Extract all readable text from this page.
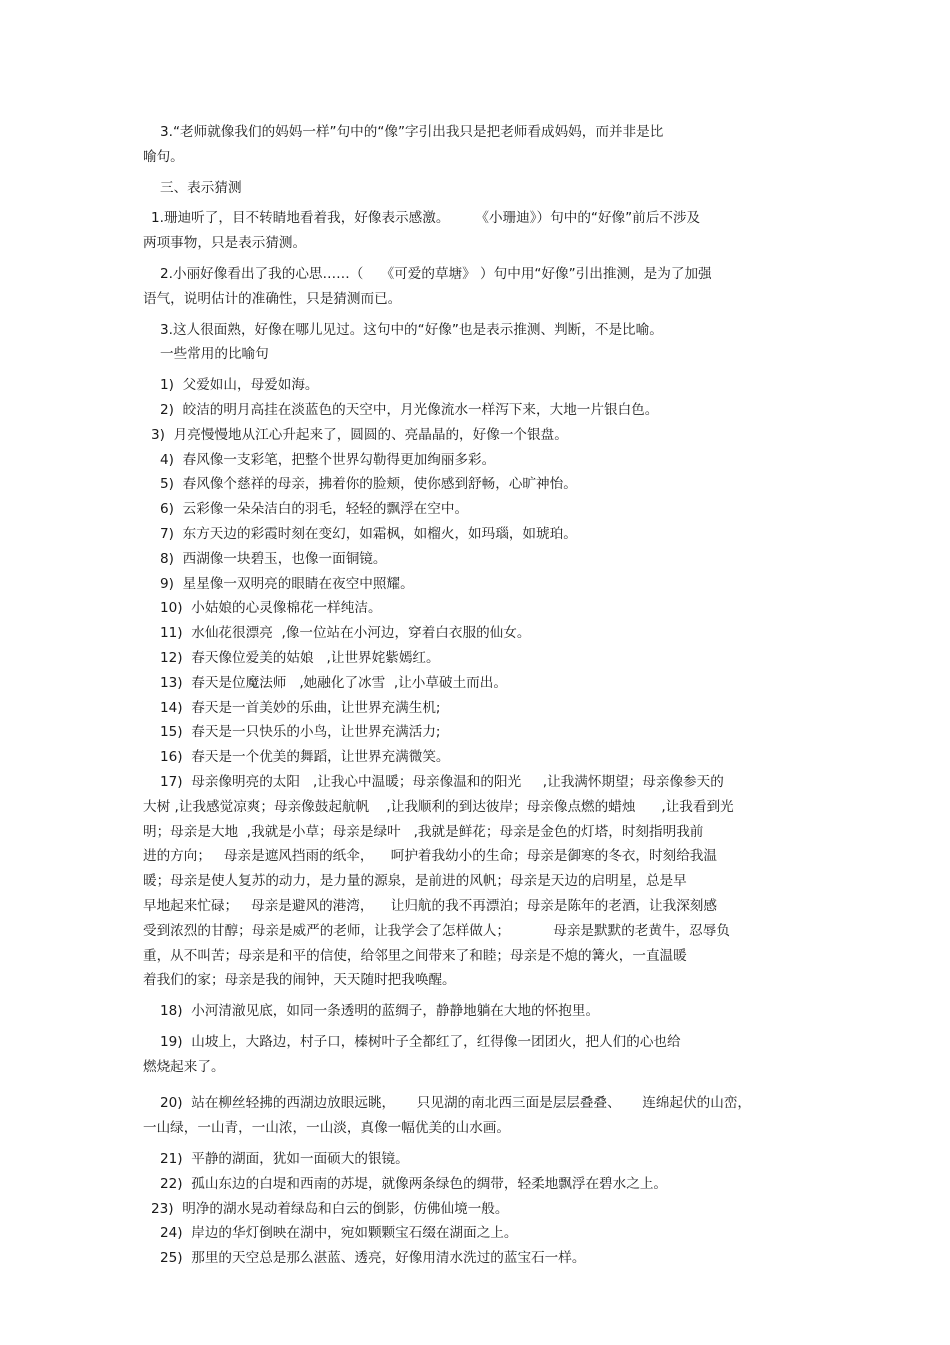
3.“老师就像我们的妈妈一样”句中的“像”字引出我只是把老师看成妈妈，而并非是比
喻句。
三、表示猜测
1.珊迪听了，目不转睛地看着我，好像表示感激。      《小珊迪》）句中的“好像”前后不涉及
两项事物，只是表示猜测。
2.小丽好像看出了我的心思……（    《可爱的草塘》 ）句中用“好像”引出推测，是为了加强
语气，说明估计的准确性，只是猜测而已。
3.这人很面熟，好像在哪儿见过。这句中的“好像”也是表示推测、判断，不是比喻。
一些常用的比喻句
1)  父爱如山，母爱如海。
2)  皎洁的明月高挂在淡蓝色的天空中，月光像流水一样泻下来，大地一片银白色。
3)  月亮慢慢地从江心升起来了，圆圆的、亮晶晶的，好像一个银盘。
4)  春风像一支彩笔，把整个世界勾勒得更加绚丽多彩。
5)  春风像个慈祥的母亲，拂着你的脸颊，使你感到舒畅，心旷神怡。
6)  云彩像一朵朵洁白的羽毛，轻轻的飘浮在空中。
7)  东方天边的彩霞时刻在变幻，如霜枫，如榴火，如玛瑙，如琥珀。
8)  西湖像一块碧玉，也像一面铜镜。
9)  星星像一双明亮的眼睛在夜空中照耀。
10)  小姑娘的心灵像棉花一样纯洁。
11)  水仙花很漂亮  ,像一位站在小河边，穿着白衣服的仙女。
12)  春天像位爱美的姑娘   ,让世界姹紫嫣红。
13)  春天是位魔法师   ,她融化了冰雪  ,让小草破土而出。
14)  春天是一首美妙的乐曲，让世界充满生机;
15)  春天是一只快乐的小鸟，让世界充满活力;
16)  春天是一个优美的舞蹈，让世界充满微笑。
17)  母亲像明亮的太阳   ,让我心中温暖；母亲像温和的阳光     ,让我满怀期望；母亲像参天的
大树 ,让我感觉凉爽；母亲像鼓起航帆    ,让我顺利的到达彼岸；母亲像点燃的蜡烛      ,让我看到光
明；母亲是大地  ,我就是小草；母亲是绿叶   ,我就是鲜花；母亲是金色的灯塔，时刻指明我前
进的方向；   母亲是遮风挡雨的纸伞，    呵护着我幼小的生命；母亲是御寒的冬衣，时刻给我温
暖；母亲是使人复苏的动力，是力量的源泉，是前进的风帆；母亲是天边的启明星，总是早
早地起来忙碌；   母亲是避风的港湾，    让归航的我不再漂泊；母亲是陈年的老酒，让我深刻感
受到浓烈的甘醇；母亲是威严的老师，让我学会了怎样做人；          母亲是默默的老黄牛，忍辱负
重，从不叫苦；母亲是和平的信使，给邻里之间带来了和睦；母亲是不熄的篝火，一直温暖
着我们的家；母亲是我的闹钟，天天随时把我唤醒。
18)  小河清澈见底，如同一条透明的蓝绸子，静静地躺在大地的怀抱里。
19)  山坡上，大路边，村子口，榛树叶子全都红了，红得像一团团火，把人们的心也给
燃烧起来了。
20)  站在柳丝轻拂的西湖边放眼远眺，     只见湖的南北西三面是层层叠叠、     连绵起伏的山峦，
一山绿，一山青，一山浓，一山淡，真像一幅优美的山水画。
21)  平静的湖面，犹如一面硕大的银镜。
22)  孤山东边的白堤和西南的苏堤，就像两条绿色的绸带，轻柔地飘浮在碧水之上。
23)  明净的湖水晃动着绿岛和白云的倒影，仿佛仙境一般。
24)  岸边的华灯倒映在湖中，宛如颗颗宝石缀在湖面之上。
25)  那里的天空总是那么湛蓝、透亮，好像用清水洗过的蓝宝石一样。
